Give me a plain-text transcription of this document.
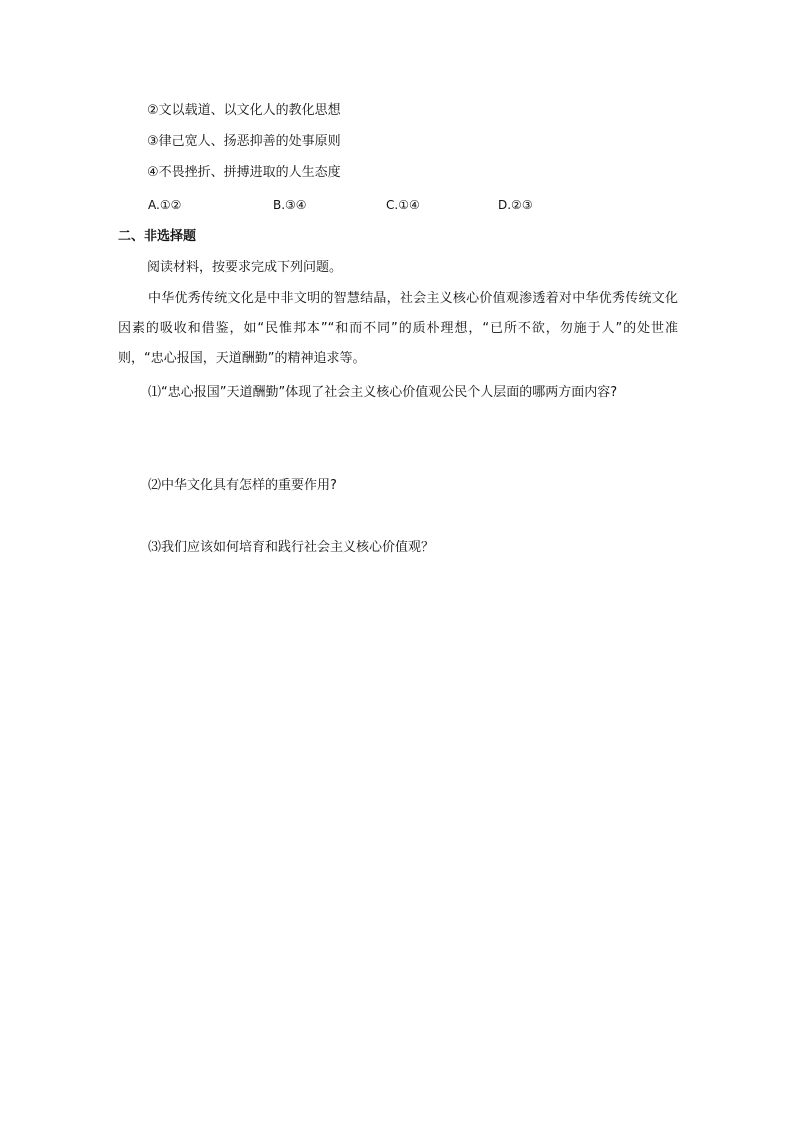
②文以载道、以文化人的教化思想
③律己宽人、扬恶抑善的处事原则
④不畏挫折、拼搏进取的人生态度
A.①②	B.③④	C.①④	D.②③
二、非选择题
阅读材料，按要求完成下列问题。
中华优秀传统文化是中非文明的智慧结晶，社会主义核心价值观渗透着对中华优秀传统文化因素的吸收和借鉴，如“民惟邦本”“和而不同”的质朴理想，“已所不欲，勿施于人”的处世准则，“忠心报国，天道酬勤”的精神追求等。
⑴“忠心报国”天道酬勤”体现了社会主义核心价值观公民个人层面的哪两方面内容?
⑵中华文化具有怎样的重要作用?
⑶我们应该如何培育和践行社会主义核心价值观？
